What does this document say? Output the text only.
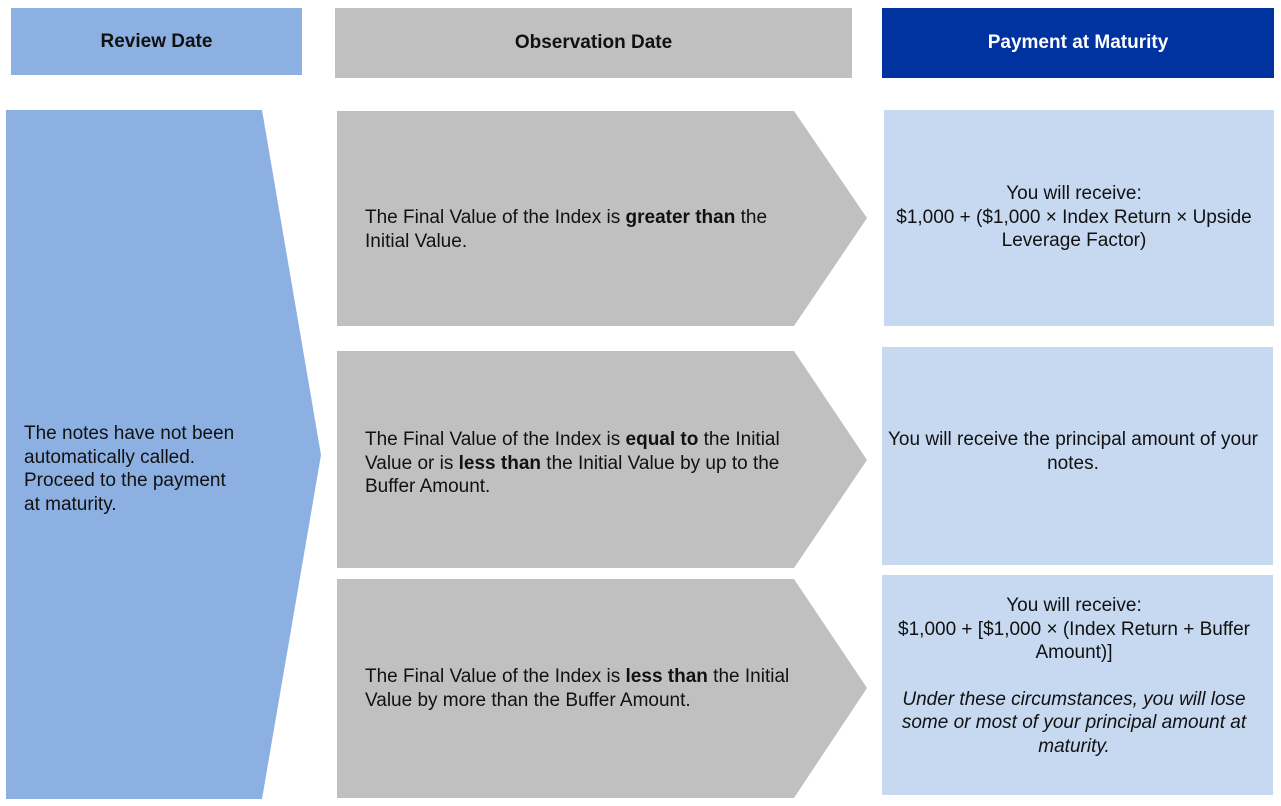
Review Date	Observation Date	Payment at Maturity
The notes have not been automatically called. Proceed to the payment at maturity.
The Final Value of the Index is greater than the Initial Value.
The Final Value of the Index is equal to the Initial Value or is less than the Initial Value by up to the Buffer Amount.
The Final Value of the Index is less than the Initial Value by more than the Buffer Amount.
You will receive:
$1,000 + ($1,000 × Index Return × Upside Leverage Factor)
You will receive the principal amount of your notes.
You will receive:
$1,000 + [$1,000 × (Index Return + Buffer Amount)]
Under these circumstances, you will lose some or most of your principal amount at maturity.
